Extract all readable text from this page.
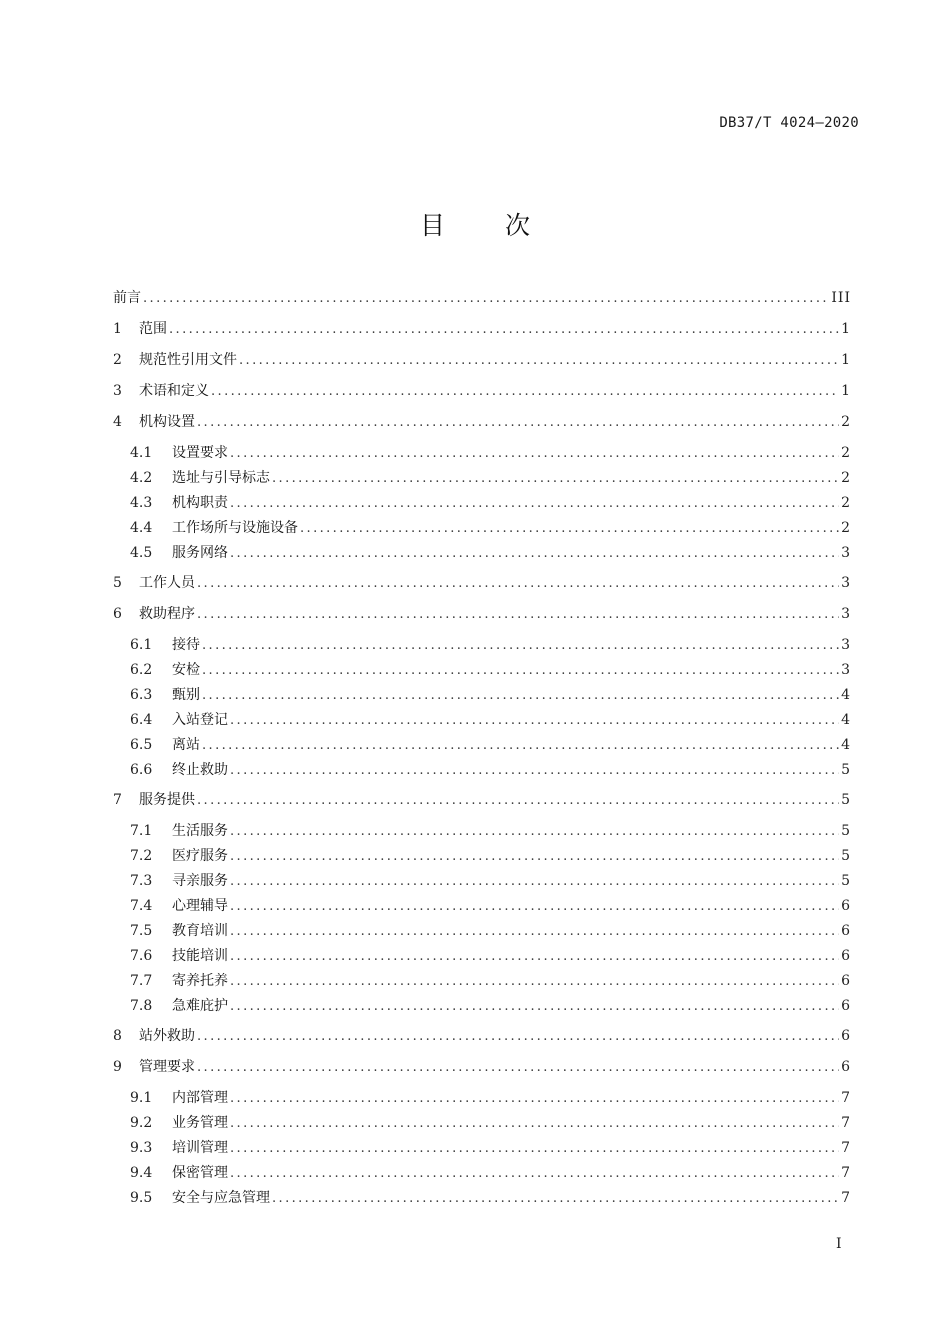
DB37/T 4024—2020
目 次
前言 .....	III
1	范围 .....	1
2	规范性引用文件 .....	1
3	术语和定义 .....	1
4	机构设置 .....	2
4.1	设置要求 .....	2
4.2	选址与引导标志 .....	2
4.3	机构职责 .....	2
4.4	工作场所与设施设备 .....	2
4.5	服务网络 .....	3
5	工作人员 .....	3
6	救助程序 .....	3
6.1	接待 .....	3
6.2	安检 .....	3
6.3	甄别 .....	4
6.4	入站登记 .....	4
6.5	离站 .....	4
6.6	终止救助 .....	5
7	服务提供 .....	5
7.1	生活服务 .....	5
7.2	医疗服务 .....	5
7.3	寻亲服务 .....	5
7.4	心理辅导 .....	6
7.5	教育培训 .....	6
7.6	技能培训 .....	6
7.7	寄养托养 .....	6
7.8	急难庇护 .....	6
8	站外救助 .....	6
9	管理要求 .....	6
9.1	内部管理 .....	7
9.2	业务管理 .....	7
9.3	培训管理 .....	7
9.4	保密管理 .....	7
9.5	安全与应急管理 .....	7
I
